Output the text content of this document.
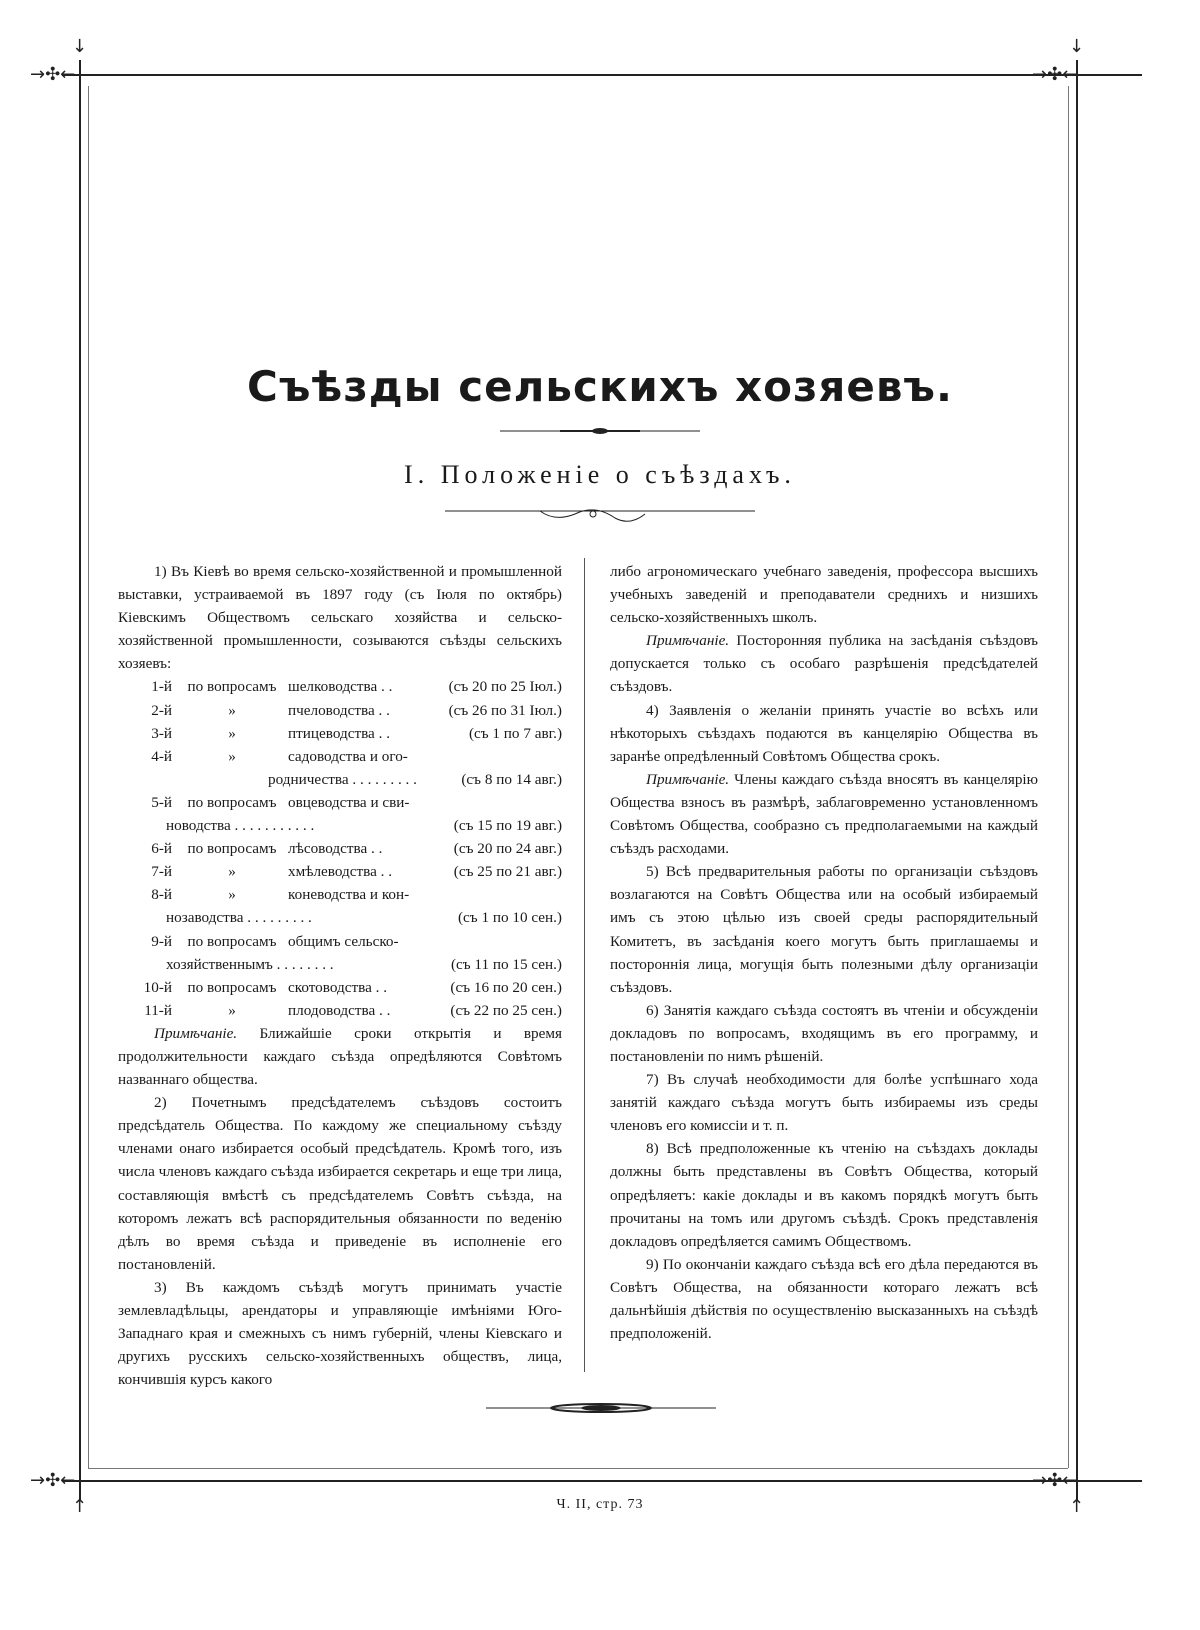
→✣←	→✣←
→✣←	→✣←
↓	↓
↑	↑
Съѣзды сельскихъ хозяевъ.
I. Положенie о съѣздахъ.

1) Въ Кiевѣ во время сельско-хозяйственной и промышленной выставки, устраиваемой въ 1897 году (съ Iюля по октябрь) Кiевскимъ Обществомъ сельскаго хозяйства и сельско-хозяйственной промышленности, созываются съѣзды сельскихъ хозяевъ:

1-й	по вопросамъ шелководства . .	(съ 20 по 25 Iюл.)
2-й	»	пчеловодства . .	(съ 26 по 31 Iюл.)
3-й	»	птицеводства . .	(съ 1 по 7 авг.)
4-й	»	садоводства и ого-
родничества . . . . . . . . .	(съ 8 по 14 авг.)
5-й	по вопросамъ овцеводства и сви-
новодства . . . . . . . . . . .	(съ 15 по 19 авг.)
6-й	по вопросамъ лѣсоводства . .	(съ 20 по 24 авг.)
7-й	»	хмѣлеводства . .	(съ 25 по 21 авг.)
8-й	»	коневодства и кон-
нозаводства . . . . . . . . .	(съ 1 по 10 сен.)
9-й	по вопросамъ общимъ сельско-
хозяйственнымъ . . . . . . . .	(съ 11 по 15 сен.)
10-й	по вопросамъ скотоводства . .	(съ 16 по 20 сен.)
11-й	»	плодоводства . .	(съ 22 по 25 сен.)

Примѣчанiе. Ближайшiе сроки открытiя и время продолжительности каждаго съѣзда опредѣляются Совѣтомъ названнаго общества.

2) Почетнымъ предсѣдателемъ съѣздовъ состоитъ предсѣдатель Общества. По каждому же специальному съѣзду членами онаго избирается особый предсѣдатель. Кромѣ того, изъ числа членовъ каждаго съѣзда избирается секретарь и еще три лица, составляющiя вмѣстѣ съ предсѣдателемъ Совѣтъ съѣзда, на которомъ лежатъ всѣ распорядительныя обязанности по веденiю дѣлъ во время съѣзда и приведенiе въ исполненiе его постановленiй.

3) Въ каждомъ съѣздѣ могутъ принимать участiе землевладѣльцы, арендаторы и управляющiе имѣнiями Юго-Западнаго края и смежныхъ съ нимъ губернiй, члены Кiевскаго и другихъ русскихъ сельско-хозяйственныхъ обществъ, лица, кончившiя курсъ какого

либо агрономическаго учебнаго заведенiя, профессора высшихъ учебныхъ заведенiй и преподаватели среднихъ и низшихъ сельско-хозяйственныхъ школъ.

Примѣчанiе. Посторонняя публика на засѣданiя съѣздовъ допускается только съ особаго разрѣшенiя предсѣдателей съѣздовъ.

4) Заявленiя о желанiи принять участiе во всѣхъ или нѣкоторыхъ съѣздахъ подаются въ канцелярiю Общества въ заранѣе опредѣленный Совѣтомъ Общества срокъ.

Примѣчанiе. Члены каждаго съѣзда вносятъ въ канцелярiю Общества взносъ въ размѣрѣ, заблаговременно установленномъ Совѣтомъ Общества, сообразно съ предполагаемыми на каждый съѣздъ расходами.

5) Всѣ предварительныя работы по организацiи съѣздовъ возлагаются на Совѣтъ Общества или на особый избираемый имъ съ этою цѣлью изъ своей среды распорядительный Комитетъ, въ засѣданiя коего могутъ быть приглашаемы и постороннiя лица, могущiя быть полезными дѣлу организацiи съѣздовъ.

6) Занятiя каждаго съѣзда состоятъ въ чтенiи и обсужденiи докладовъ по вопросамъ, входящимъ въ его программу, и постановленiи по нимъ рѣшенiй.

7) Въ случаѣ необходимости для болѣе успѣшнаго хода занятiй каждаго съѣзда могутъ быть избираемы изъ среды членовъ его комиссiи и т. п.

8) Всѣ предположенные къ чтенiю на съѣздахъ доклады должны быть представлены въ Совѣтъ Общества, который опредѣляетъ: какiе доклады и въ какомъ порядкѣ могутъ быть прочитаны на томъ или другомъ съѣздѣ. Срокъ представленiя докладовъ опредѣляется самимъ Обществомъ.

9) По окончанiи каждаго съѣзда всѣ его дѣла передаются въ Совѣтъ Общества, на обязанности котораго лежатъ всѣ дальнѣйшiя дѣйствiя по осуществленiю высказанныхъ на съѣздѣ предположенiй.

Ч. II, стр. 73
